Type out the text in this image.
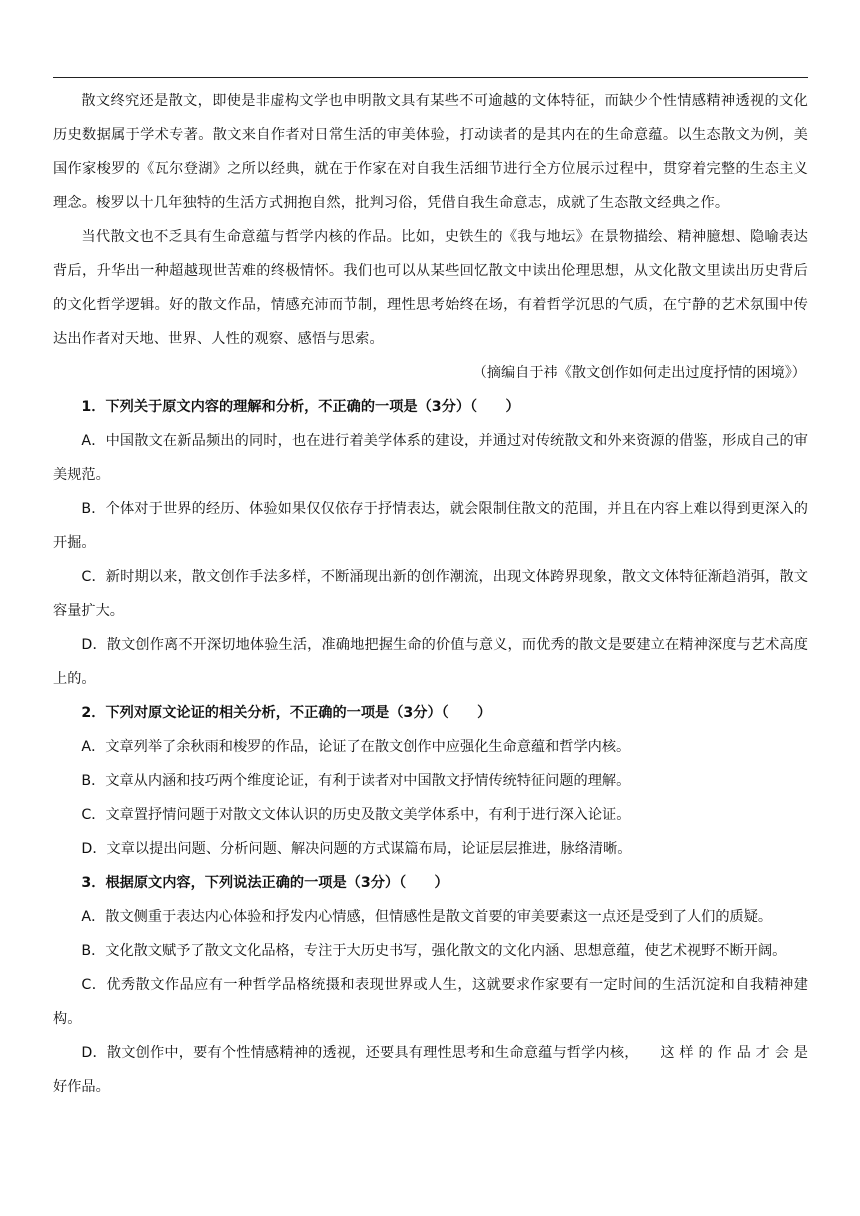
散文终究还是散文，即使是非虚构文学也申明散文具有某些不可逾越的文体特征，而缺少个性情感精神透视的文化历史数据属于学术专著。散文来自作者对日常生活的审美体验，打动读者的是其内在的生命意蕴。以生态散文为例，美国作家梭罗的《瓦尔登湖》之所以经典，就在于作家在对自我生活细节进行全方位展示过程中，贯穿着完整的生态主义理念。梭罗以十几年独特的生活方式拥抱自然，批判习俗，凭借自我生命意志，成就了生态散文经典之作。

当代散文也不乏具有生命意蕴与哲学内核的作品。比如，史铁生的《我与地坛》在景物描绘、精神臆想、隐喻表达背后，升华出一种超越现世苦难的终极情怀。我们也可以从某些回忆散文中读出伦理思想，从文化散文里读出历史背后的文化哲学逻辑。好的散文作品，情感充沛而节制，理性思考始终在场，有着哲学沉思的气质，在宁静的艺术氛围中传达出作者对天地、世界、人性的观察、感悟与思索。

（摘编自于祎《散文创作如何走出过度抒情的困境》）

1．下列关于原文内容的理解和分析，不正确的一项是（3分）（　　）

A．中国散文在新品频出的同时，也在进行着美学体系的建设，并通过对传统散文和外来资源的借鉴，形成自己的审美规范。

B．个体对于世界的经历、体验如果仅仅依存于抒情表达，就会限制住散文的范围，并且在内容上难以得到更深入的开掘。

C．新时期以来，散文创作手法多样，不断涌现出新的创作潮流，出现文体跨界现象，散文文体特征渐趋消弭，散文容量扩大。

D．散文创作离不开深切地体验生活，准确地把握生命的价值与意义，而优秀的散文是要建立在精神深度与艺术高度上的。

2．下列对原文论证的相关分析，不正确的一项是（3分）（　　）

A．文章列举了余秋雨和梭罗的作品，论证了在散文创作中应强化生命意蕴和哲学内核。

B．文章从内涵和技巧两个维度论证，有利于读者对中国散文抒情传统特征问题的理解。

C．文章置抒情问题于对散文文体认识的历史及散文美学体系中，有利于进行深入论证。

D．文章以提出问题、分析问题、解决问题的方式谋篇布局，论证层层推进，脉络清晰。

3．根据原文内容，下列说法正确的一项是（3分）（　　）

A．散文侧重于表达内心体验和抒发内心情感，但情感性是散文首要的审美要素这一点还是受到了人们的质疑。

B．文化散文赋予了散文文化品格，专注于大历史书写，强化散文的文化内涵、思想意蕴，使艺术视野不断开阔。

C．优秀散文作品应有一种哲学品格统摄和表现世界或人生，这就要求作家要有一定时间的生活沉淀和自我精神建构。

D．散文创作中，要有个性情感精神的透视，还要具有理性思考和生命意蕴与哲学内核，　　这 样 的 作 品 才 会 是好作品。
